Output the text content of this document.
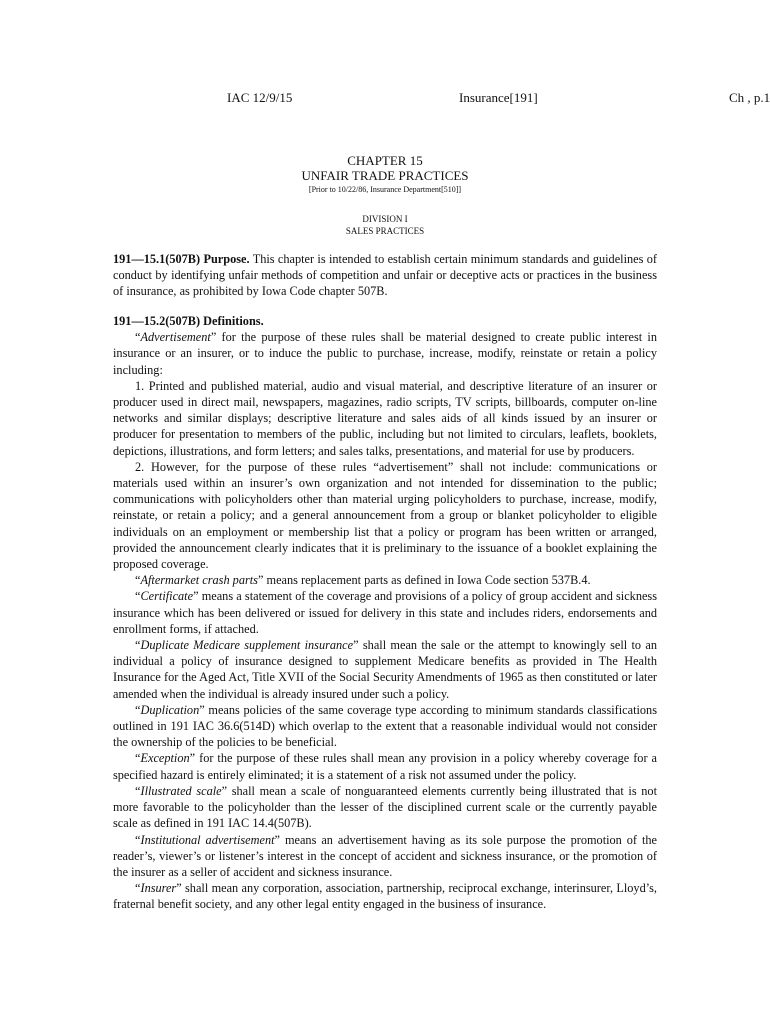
IAC 12/9/15	Insurance[191]	Ch , p.1
CHAPTER 15
UNFAIR TRADE PRACTICES
[Prior to 10/22/86, Insurance Department[510]]
DIVISION I
SALES PRACTICES

191—15.1(507B) Purpose. This chapter is intended to establish certain minimum standards and guidelines of conduct by identifying unfair methods of competition and unfair or deceptive acts or practices in the business of insurance, as prohibited by Iowa Code chapter 507B.

191—15.2(507B) Definitions.

“Advertisement” for the purpose of these rules shall be material designed to create public interest in insurance or an insurer, or to induce the public to purchase, increase, modify, reinstate or retain a policy including:

1. Printed and published material, audio and visual material, and descriptive literature of an insurer or producer used in direct mail, newspapers, magazines, radio scripts, TV scripts, billboards, computer on-line networks and similar displays; descriptive literature and sales aids of all kinds issued by an insurer or producer for presentation to members of the public, including but not limited to circulars, leaflets, booklets, depictions, illustrations, and form letters; and sales talks, presentations, and material for use by producers.

2. However, for the purpose of these rules “advertisement” shall not include: communications or materials used within an insurer’s own organization and not intended for dissemination to the public; communications with policyholders other than material urging policyholders to purchase, increase, modify, reinstate, or retain a policy; and a general announcement from a group or blanket policyholder to eligible individuals on an employment or membership list that a policy or program has been written or arranged, provided the announcement clearly indicates that it is preliminary to the issuance of a booklet explaining the proposed coverage.

“Aftermarket crash parts” means replacement parts as defined in Iowa Code section 537B.4.

“Certificate” means a statement of the coverage and provisions of a policy of group accident and sickness insurance which has been delivered or issued for delivery in this state and includes riders, endorsements and enrollment forms, if attached.

“Duplicate Medicare supplement insurance” shall mean the sale or the attempt to knowingly sell to an individual a policy of insurance designed to supplement Medicare benefits as provided in The Health Insurance for the Aged Act, Title XVII of the Social Security Amendments of 1965 as then constituted or later amended when the individual is already insured under such a policy.

“Duplication” means policies of the same coverage type according to minimum standards classifications outlined in 191 IAC 36.6(514D) which overlap to the extent that a reasonable individual would not consider the ownership of the policies to be beneficial.

“Exception” for the purpose of these rules shall mean any provision in a policy whereby coverage for a specified hazard is entirely eliminated; it is a statement of a risk not assumed under the policy.

“Illustrated scale” shall mean a scale of nonguaranteed elements currently being illustrated that is not more favorable to the policyholder than the lesser of the disciplined current scale or the currently payable scale as defined in 191 IAC 14.4(507B).

“Institutional advertisement” means an advertisement having as its sole purpose the promotion of the reader’s, viewer’s or listener’s interest in the concept of accident and sickness insurance, or the promotion of the insurer as a seller of accident and sickness insurance.

“Insurer” shall mean any corporation, association, partnership, reciprocal exchange, interinsurer, Lloyd’s, fraternal benefit society, and any other legal entity engaged in the business of insurance.
